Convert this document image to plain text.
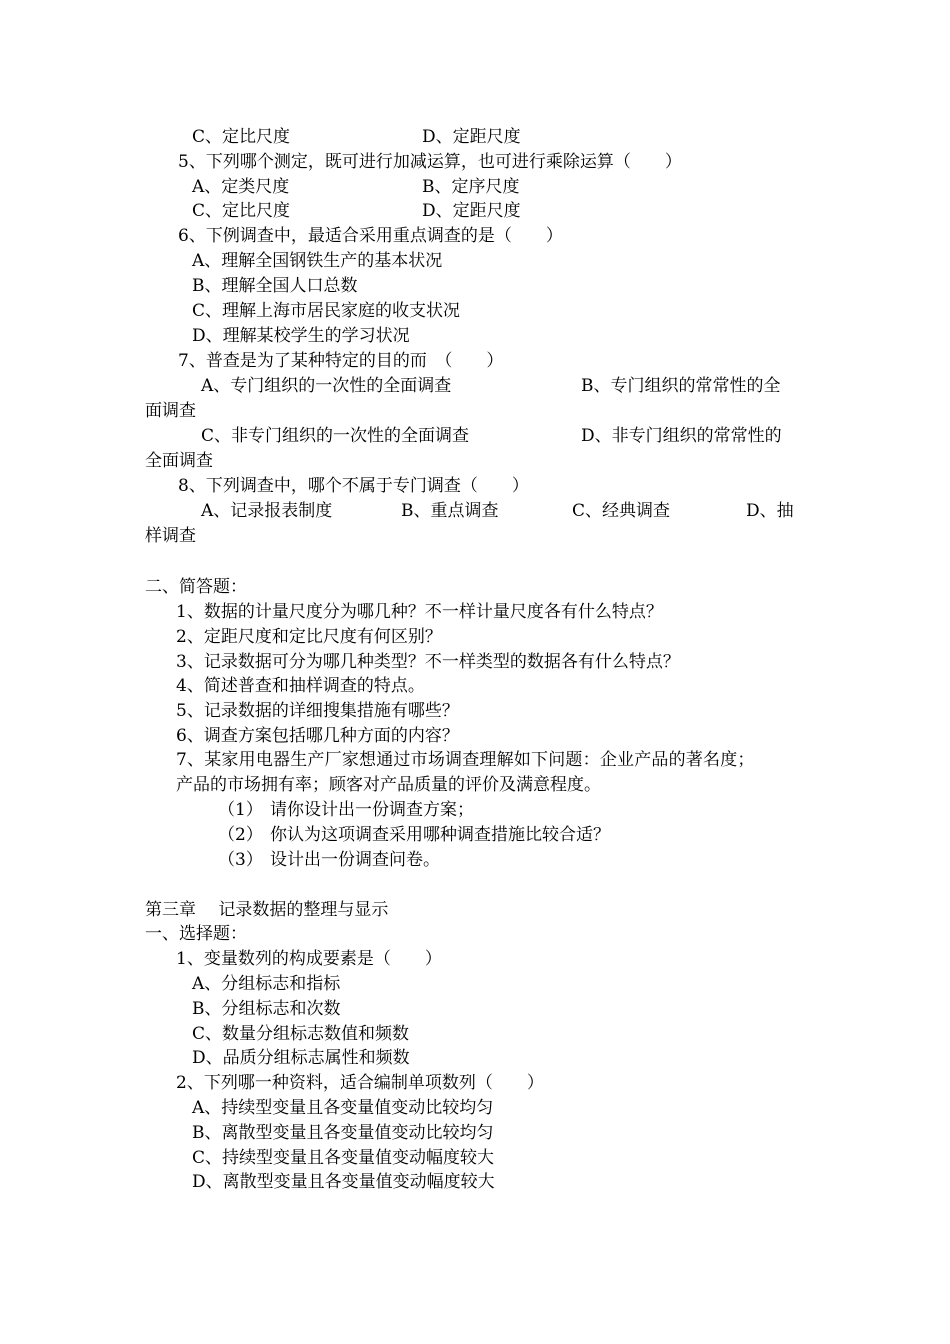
C、定比尺度	D、定距尺度
5、下列哪个测定，既可进行加减运算，也可进行乘除运算（　　）
A、定类尺度	B、定序尺度
C、定比尺度	D、定距尺度
6、下例调查中，最适合采用重点调查的是（　　）
A、理解全国钢铁生产的基本状况
B、理解全国人口总数
C、理解上海市居民家庭的收支状况
D、理解某校学生的学习状况
7、普查是为了某种特定的目的而　（　　）
A、专门组织的一次性的全面调查	B、专门组织的常常性的全
面调查
C、非专门组织的一次性的全面调查	D、非专门组织的常常性的
全面调查
8、下列调查中，哪个不属于专门调查（　　）
A、记录报表制度	B、重点调查	C、经典调查	D、抽
样调查
二、简答题：
1、数据的计量尺度分为哪几种？不一样计量尺度各有什么特点？
2、定距尺度和定比尺度有何区别？
3、记录数据可分为哪几种类型？不一样类型的数据各有什么特点？
4、简述普查和抽样调查的特点。
5、记录数据的详细搜集措施有哪些？
6、调查方案包括哪几种方面的内容？
7、某家用电器生产厂家想通过市场调查理解如下问题：企业产品的著名度；
产品的市场拥有率；顾客对产品质量的评价及满意程度。
（1） 请你设计出一份调查方案；
（2） 你认为这项调查采用哪种调查措施比较合适？
（3） 设计出一份调查问卷。
第三章　 记录数据的整理与显示
一、选择题：
1、变量数列的构成要素是（　　）
A、分组标志和指标
B、分组标志和次数
C、数量分组标志数值和频数
D、品质分组标志属性和频数
2、下列哪一种资料，适合编制单项数列（　　）
A、持续型变量且各变量值变动比较均匀
B、离散型变量且各变量值变动比较均匀
C、持续型变量且各变量值变动幅度较大
D、离散型变量且各变量值变动幅度较大
